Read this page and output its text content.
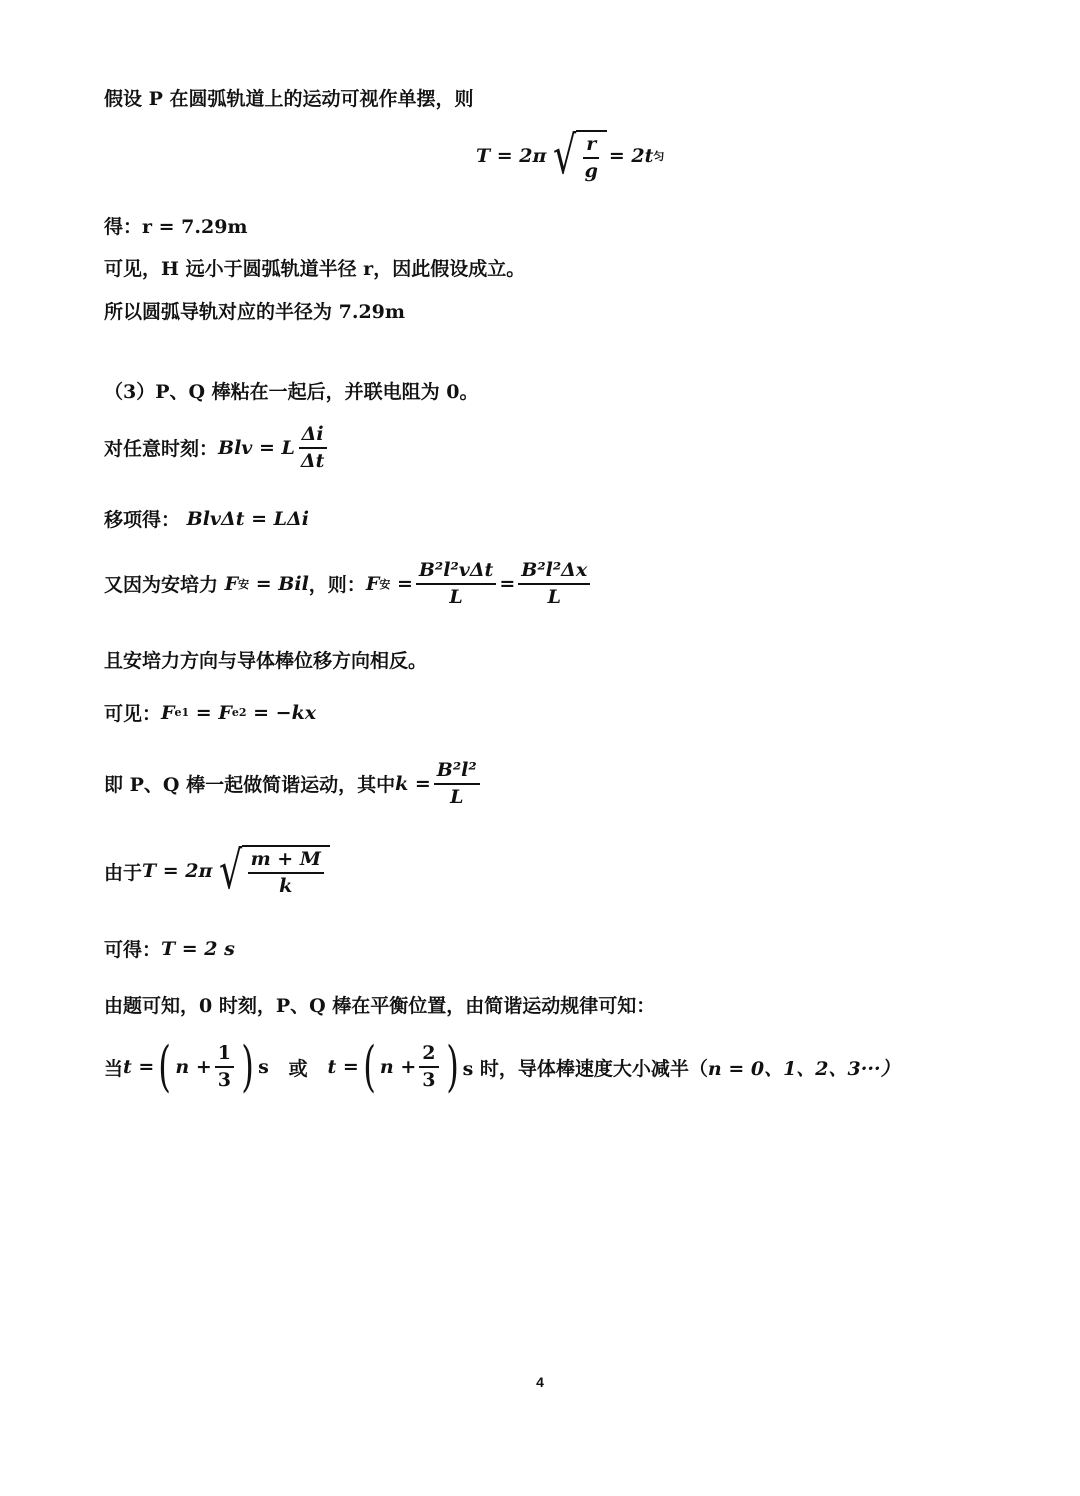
假设 P 在圆弧轨道上的运动可视作单摆，则
T = 2π √ $\frac{r}{g} = 2t$ 匀
得：r = 7.29m
可见，H 远小于圆弧轨道半径 r，因此假设成立。
所以圆弧导轨对应的半径为 7.29m
（3）P、Q 棒粘在一起后，并联电阻为 0。
对任意时刻： Blv = L $\frac{\Delta i}{\Delta t}$
移项得：
BlvΔt = LΔi
又因为安培力
F 安
= Bil ，则： F 安
= $\frac{\text{B²l²vΔt}}{L} = \frac{\text{B²l²Δx}}{L}$
且安培力方向与导体棒位移方向相反。
可见： F e1
= F e2
= −kx
即 P、Q 棒一起做简谐运动，其中 $k = \frac{\text{B²l²}}{L}$
由于 T = 2π √ $\frac{m + M}{k}$
可得： T = 2 s
由题可知，0 时刻，P、Q 棒在平衡位置，由简谐运动规律可知：
当 t = ( $n + \frac{1}{3}$ ) s
或
t = ( $n + \frac{2}{3}$ ) s 时，导体棒速度大小减半（ n = 0、1、2、3···）
4
